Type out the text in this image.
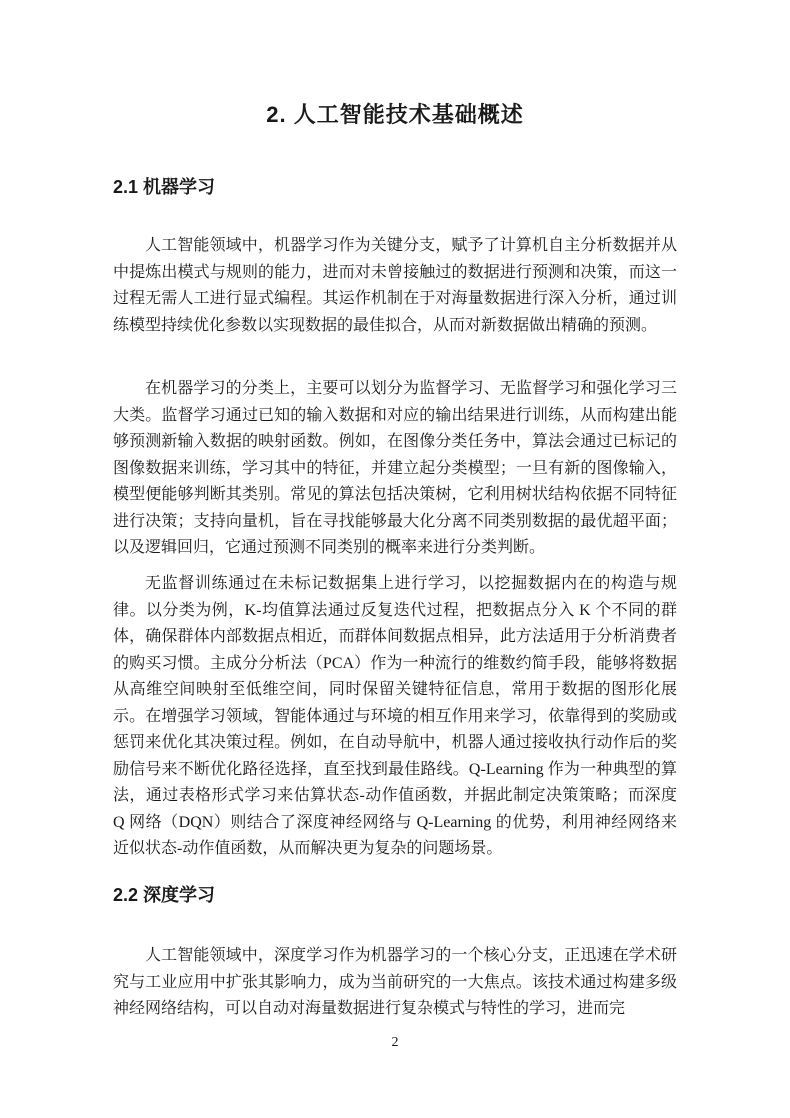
2. 人工智能技术基础概述
2.1 机器学习

人工智能领域中，机器学习作为关键分支，赋予了计算机自主分析数据并从中提炼出模式与规则的能力，进而对未曾接触过的数据进行预测和决策，而这一过程无需人工进行显式编程。其运作机制在于对海量数据进行深入分析，通过训练模型持续优化参数以实现数据的最佳拟合，从而对新数据做出精确的预测。

在机器学习的分类上，主要可以划分为监督学习、无监督学习和强化学习三大类。监督学习通过已知的输入数据和对应的输出结果进行训练，从而构建出能够预测新输入数据的映射函数。例如，在图像分类任务中，算法会通过已标记的图像数据来训练，学习其中的特征，并建立起分类模型；一旦有新的图像输入，模型便能够判断其类别。常见的算法包括决策树，它利用树状结构依据不同特征进行决策；支持向量机，旨在寻找能够最大化分离不同类别数据的最优超平面；以及逻辑回归，它通过预测不同类别的概率来进行分类判断。

无监督训练通过在未标记数据集上进行学习，以挖掘数据内在的构造与规律。以分类为例，K-均值算法通过反复迭代过程，把数据点分入 K 个不同的群体，确保群体内部数据点相近，而群体间数据点相异，此方法适用于分析消费者的购买习惯。主成分分析法（PCA）作为一种流行的维数约简手段，能够将数据从高维空间映射至低维空间，同时保留关键特征信息，常用于数据的图形化展示。在增强学习领域，智能体通过与环境的相互作用来学习，依靠得到的奖励或惩罚来优化其决策过程。例如，在自动导航中，机器人通过接收执行动作后的奖励信号来不断优化路径选择，直至找到最佳路线。Q-Learning 作为一种典型的算法，通过表格形式学习来估算状态-动作值函数，并据此制定决策策略；而深度 Q 网络（DQN）则结合了深度神经网络与 Q-Learning 的优势，利用神经网络来近似状态-动作值函数，从而解决更为复杂的问题场景。

2.2 深度学习

人工智能领域中，深度学习作为机器学习的一个核心分支，正迅速在学术研究与工业应用中扩张其影响力，成为当前研究的一大焦点。该技术通过构建多级神经网络结构，可以自动对海量数据进行复杂模式与特性的学习，进而完

2
